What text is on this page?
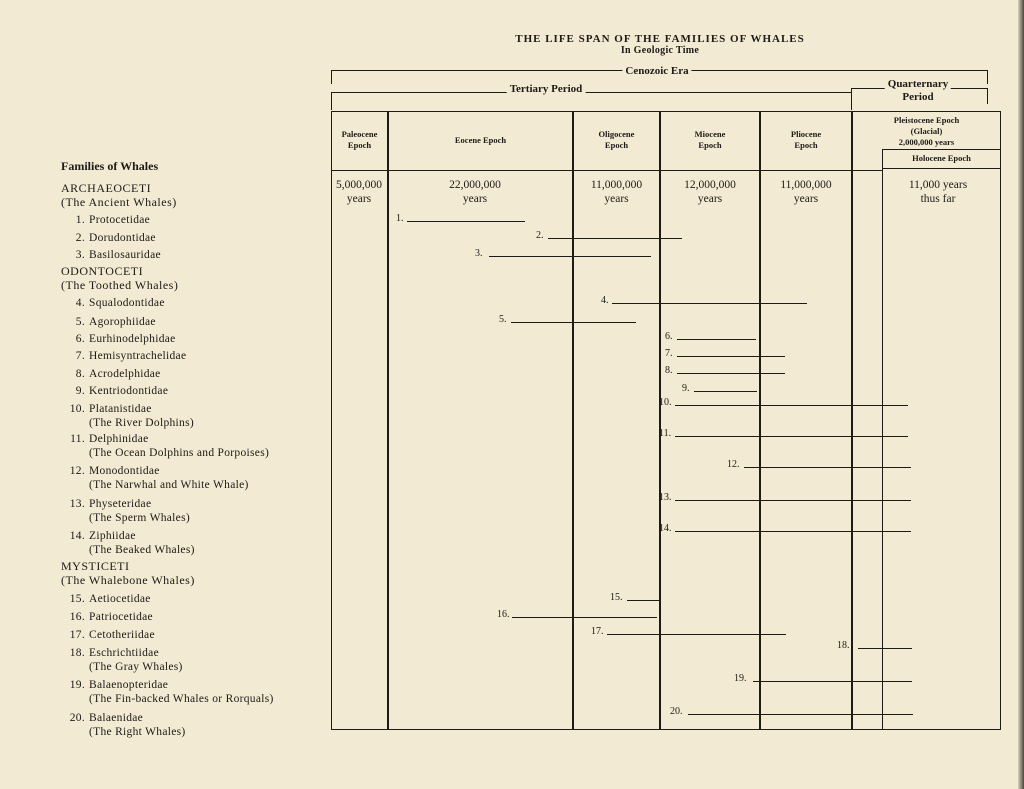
THE LIFE SPAN OF THE FAMILIES OF WHALES
In Geologic Time
Cenozoic Era
Tertiary Period	Quarternary
Period
Paleocene
Epoch	Eocene Epoch
Oligocene
Epoch
Miocene
Epoch
Pliocene
Epoch
Pleistocene Epoch
(Glacial)
2,000,000 years
Holocene Epoch
5,000,000
years
22,000,000
years
11,000,000
years
12,000,000
years
11,000,000
years
11,000 years
thus far
Families of Whales
ARCHAEOCETI
(The Ancient Whales)
ODONTOCETI
(The Toothed Whales)
MYSTICETI
(The Whalebone Whales)
1. Protocetidae
2. Dorudontidae
3. Basilosauridae
4. Squalodontidae
5. Agorophiidae
6. Eurhinodelphidae
7. Hemisyntrachelidae
8. Acrodelphidae
9. Kentriodontidae
10. Platanistidae
(The River Dolphins)
11. Delphinidae
(The Ocean Dolphins and Porpoises)
12. Monodontidae
(The Narwhal and White Whale)
13. Physeteridae
(The Sperm Whales)
14. Ziphiidae
(The Beaked Whales)
15. Aetiocetidae
16. Patriocetidae
17. Cetotheriidae
18. Eschrichtiidae
(The Gray Whales)
19. Balaenopteridae
(The Fin-backed Whales or Rorquals)
20. Balaenidae
(The Right Whales)
1.
2.
3.
4.
5.
6.
7.
8.
9.
10.
11.
12.
13.
14.
15.
16.
17.
18.
19.
20.
